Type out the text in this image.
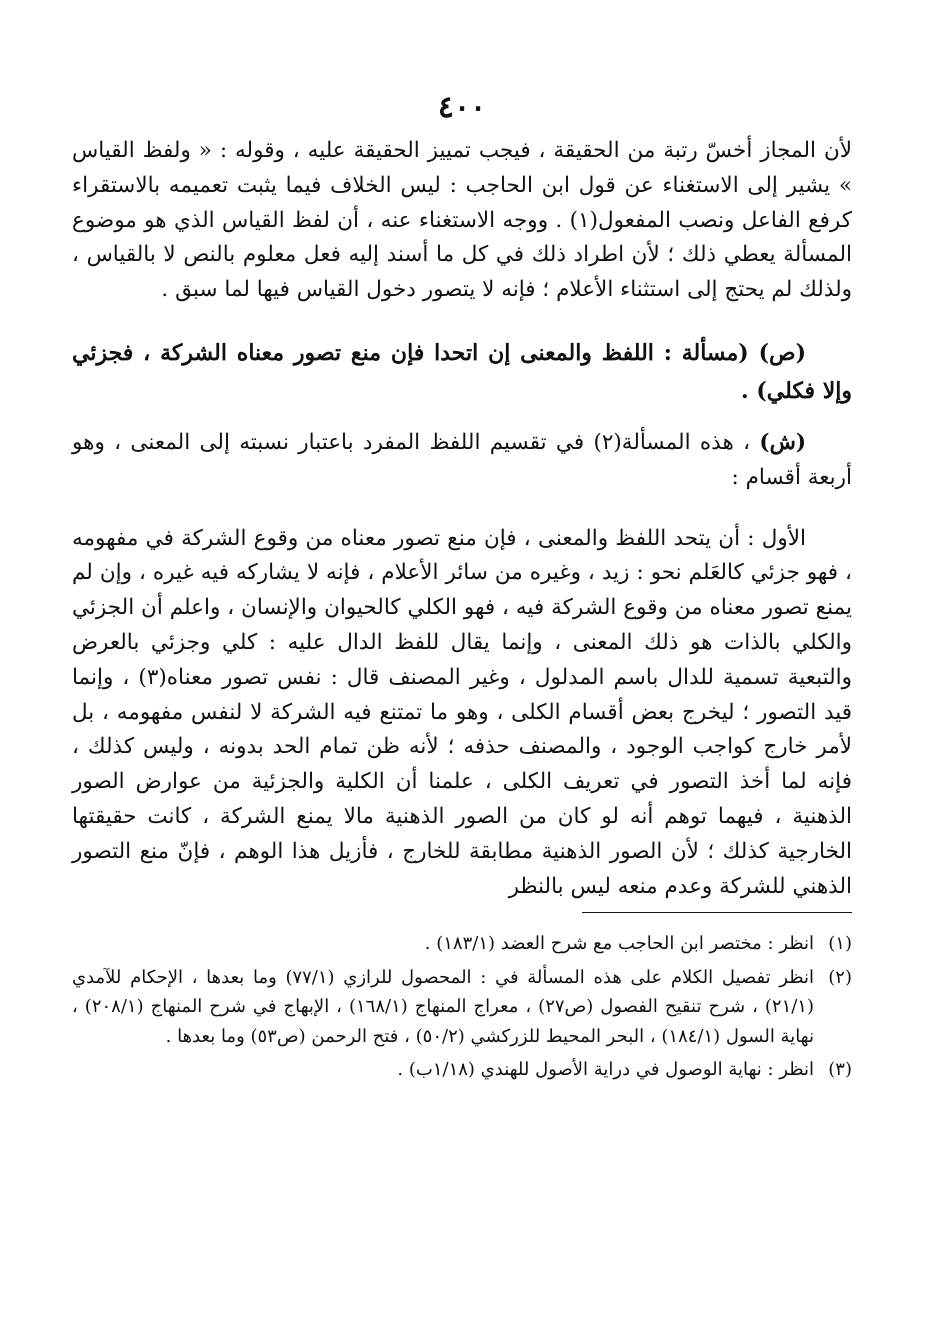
٤٠٠

لأن المجاز أخسّ رتبة من الحقيقة ، فيجب تمييز الحقيقة عليه ، وقوله : « ولفظ القياس » يشير إلى الاستغناء عن قول ابن الحاجب : ليس الخلاف فيما يثبت تعميمه بالاستقراء كرفع الفاعل ونصب المفعول(١) . ووجه الاستغناء عنه ، أن لفظ القياس الذي هو موضوع المسألة يعطي ذلك ؛ لأن اطراد ذلك في كل ما أسند إليه فعل معلوم بالنص لا بالقياس ، ولذلك لم يحتج إلى استثناء الأعلام ؛ فإنه لا يتصور دخول القياس فيها لما سبق .

(ص) (مسألة : اللفظ والمعنى إن اتحدا فإن منع تصور معناه الشركة ، فجزئي وإلا فكلي) .

(ش) ، هذه المسألة(٢) في تقسيم اللفظ المفرد باعتبار نسبته إلى المعنى ، وهو أربعة أقسام :

الأول : أن يتحد اللفظ والمعنى ، فإن منع تصور معناه من وقوع الشركة في مفهومه ، فهو جزئي كالعَلم نحو : زيد ، وغيره من سائر الأعلام ، فإنه لا يشاركه فيه غيره ، وإن لم يمنع تصور معناه من وقوع الشركة فيه ، فهو الكلي كالحيوان والإنسان ، واعلم أن الجزئي والكلي بالذات هو ذلك المعنى ، وإنما يقال للفظ الدال عليه : كلي وجزئي بالعرض والتبعية تسمية للدال باسم المدلول ، وغير المصنف قال : نفس تصور معناه(٣) ، وإنما قيد التصور ؛ ليخرج بعض أقسام الكلى ، وهو ما تمتنع فيه الشركة لا لنفس مفهومه ، بل لأمر خارج كواجب الوجود ، والمصنف حذفه ؛ لأنه ظن تمام الحد بدونه ، وليس كذلك ، فإنه لما أخذ التصور في تعريف الكلى ، علمنا أن الكلية والجزئية من عوارض الصور الذهنية ، فيهما توهم أنه لو كان من الصور الذهنية مالا يمنع الشركة ، كانت حقيقتها الخارجية كذلك ؛ لأن الصور الذهنية مطابقة للخارج ، فأزيل هذا الوهم ، فإنّ منع التصور الذهني للشركة وعدم منعه ليس بالنظر

(١)
انظر : مختصر ابن الحاجب مع شرح العضد (١٨٣/١) .
(٢)
انظر تفصيل الكلام على هذه المسألة في : المحصول للرازي (٧٧/١) وما بعدها ، الإحكام للآمدي (٢١/١) ، شرح تنقيح الفصول (ص٢٧) ، معراج المنهاج (١٦٨/١) ، الإبهاج في شرح المنهاج (٢٠٨/١) ، نهاية السول (١٨٤/١) ، البحر المحيط للزركشي (٥٠/٢) ، فتح الرحمن (ص٥٣) وما بعدها .
(٣)
انظر : نهاية الوصول في دراية الأصول للهندي (١/١٨ب) .
